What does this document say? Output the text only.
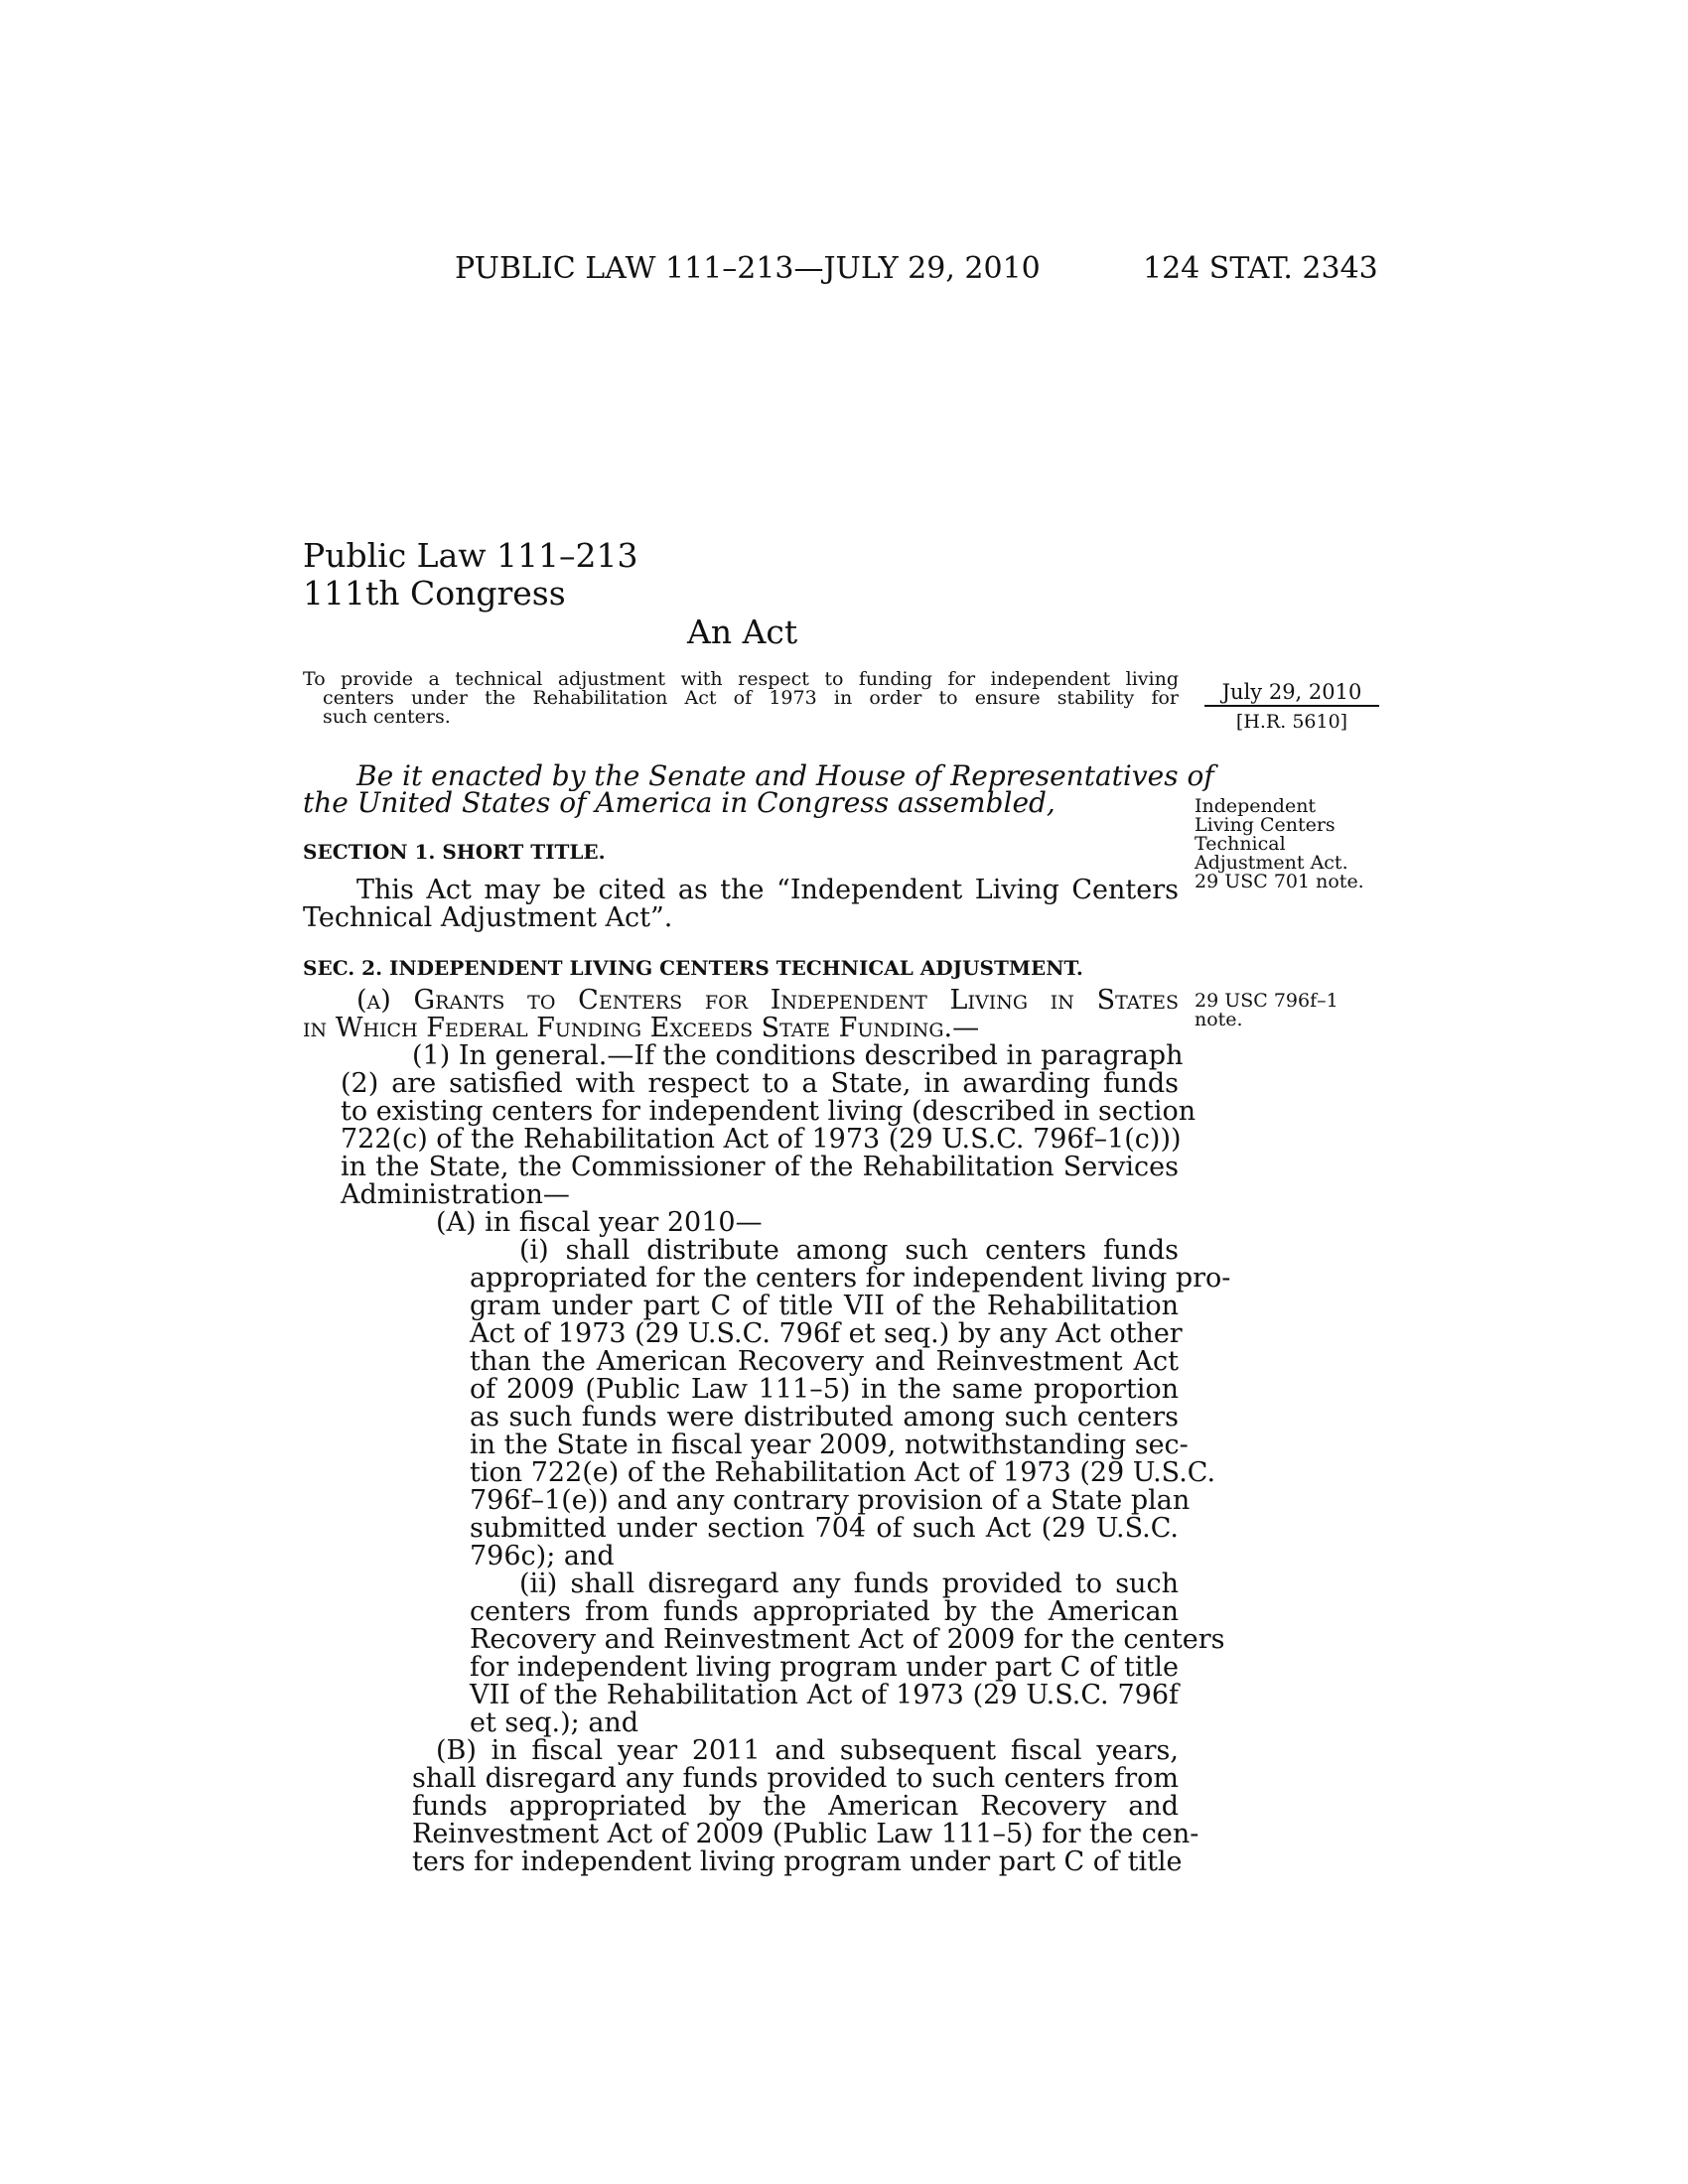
PUBLIC LAW 111–213—JULY 29, 2010	124 STAT. 2343
Public Law 111–213
111th Congress
An Act
To provide a technical adjustment with respect to funding for independent living
centers under the Rehabilitation Act of 1973 in order to ensure stability for
such centers.
July 29, 2010
[H.R. 5610]
Be it enacted by the Senate and House of Representatives of
the United States of America in Congress assembled,	Independent
Living Centers
Technical
Adjustment Act.
29 USC 701 note.
SECTION 1. SHORT TITLE.
This Act may be cited as the “Independent Living Centers
Technical Adjustment Act”.
SEC. 2. INDEPENDENT LIVING CENTERS TECHNICAL ADJUSTMENT.
29 USC 796f–1
note.
(a) Grants to Centers for Independent Living in States
in Which Federal Funding Exceeds State Funding.—
(1) In general.—If the conditions described in paragraph
(2) are satisfied with respect to a State, in awarding funds
to existing centers for independent living (described in section
722(c) of the Rehabilitation Act of 1973 (29 U.S.C. 796f–1(c)))
in the State, the Commissioner of the Rehabilitation Services
Administration—
(A) in fiscal year 2010—
(i) shall distribute among such centers funds
appropriated for the centers for independent living pro-
gram under part C of title VII of the Rehabilitation
Act of 1973 (29 U.S.C. 796f et seq.) by any Act other
than the American Recovery and Reinvestment Act
of 2009 (Public Law 111–5) in the same proportion
as such funds were distributed among such centers
in the State in fiscal year 2009, notwithstanding sec-
tion 722(e) of the Rehabilitation Act of 1973 (29 U.S.C.
796f–1(e)) and any contrary provision of a State plan
submitted under section 704 of such Act (29 U.S.C.
796c); and
(ii) shall disregard any funds provided to such
centers from funds appropriated by the American
Recovery and Reinvestment Act of 2009 for the centers
for independent living program under part C of title
VII of the Rehabilitation Act of 1973 (29 U.S.C. 796f
et seq.); and
(B) in fiscal year 2011 and subsequent fiscal years,
shall disregard any funds provided to such centers from
funds appropriated by the American Recovery and
Reinvestment Act of 2009 (Public Law 111–5) for the cen-
ters for independent living program under part C of title
